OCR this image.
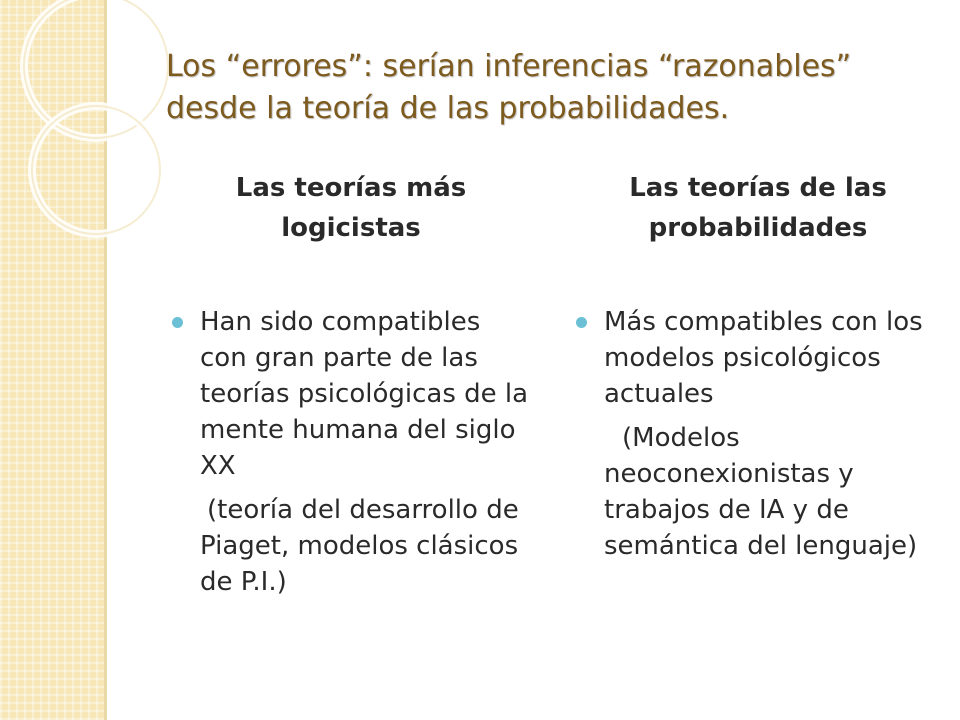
Los “errores”: serían inferencias “razonables” desde la teoría de las probabilidades.
Las teorías más logicistas
Han sido compatibles con gran parte de las teorías psicológicas de la mente humana del siglo XX
(teoría del desarrollo de Piaget, modelos clásicos de P.I.)
Las teorías de las probabilidades
Más compatibles con los modelos psicológicos actuales
(Modelos neoconexionistas y trabajos de IA y de semántica del lenguaje)
